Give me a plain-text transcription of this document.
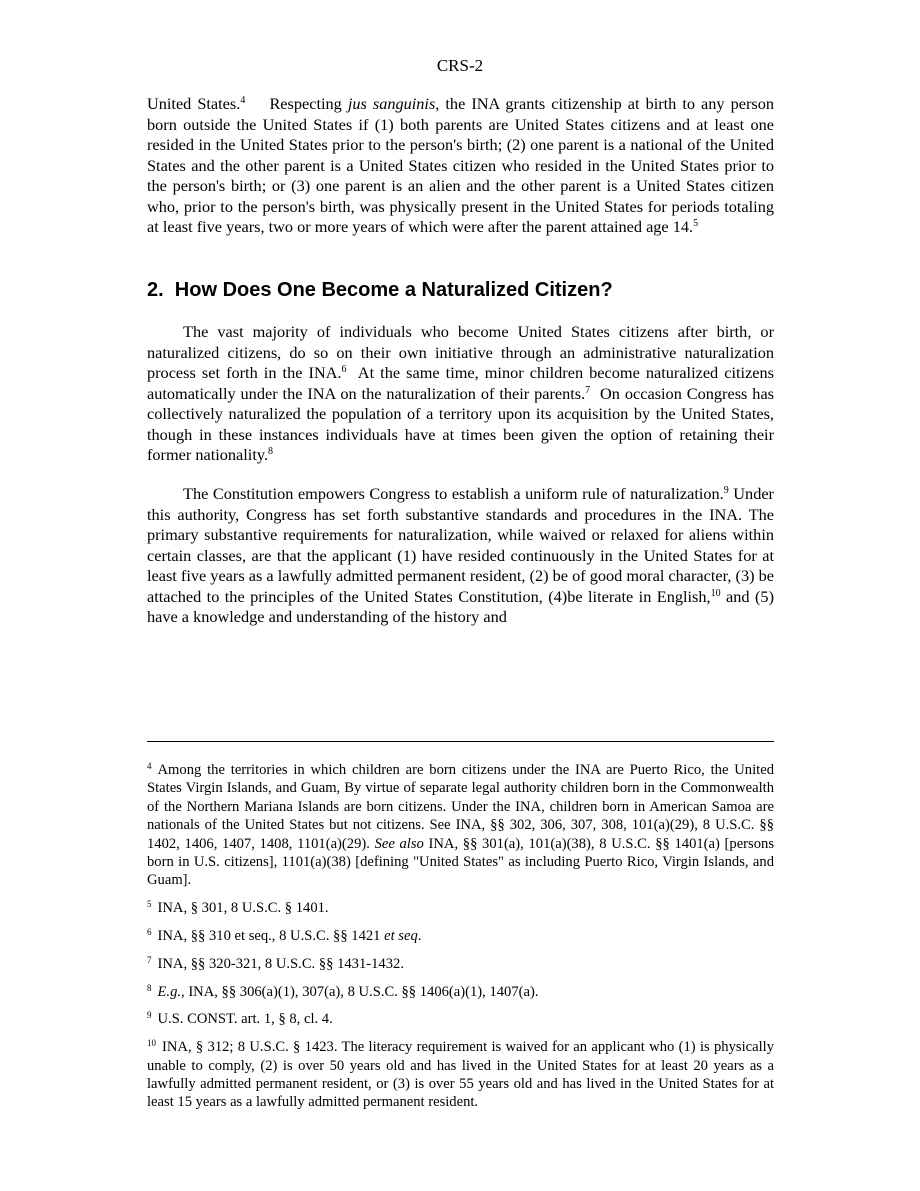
CRS-2

United States.$^4$    Respecting jus sanguinis, the INA grants citizenship at birth to any person born outside the United States if (1) both parents are United States citizens and at least one resided in the United States prior to the person's birth; (2) one parent is a national of the United States and the other parent is a United States citizen who resided in the United States prior to the person's birth; or (3) one parent is an alien and the other parent is a United States citizen who, prior to the person's birth, was physically present in the United States for periods totaling at least five years, two or more years of which were after the parent attained age 14.$^5$

2.  How Does One Become a Naturalized Citizen?

The vast majority of individuals who become United States citizens after birth, or naturalized citizens, do so on their own initiative through an administrative naturalization process set forth in the INA.$^6$  At the same time, minor children become naturalized citizens automatically under the INA on the naturalization of their parents.$^7$  On occasion Congress has collectively naturalized the population of a territory upon its acquisition by the United States, though in these instances individuals have at times been given the option of retaining their former nationality.$^8$

The Constitution empowers Congress to establish a uniform rule of naturalization.$^9$ Under this authority, Congress has set forth substantive standards and procedures in the INA. The primary substantive requirements for naturalization, while waived or relaxed for aliens within certain classes, are that the applicant (1) have resided continuously in the United States for at least five years as a lawfully admitted permanent resident, (2) be of good moral character, (3) be attached to the principles of the United States Constitution, (4)be literate in English,$^{10}$ and (5) have a knowledge and understanding of the history and

$^4$ Among the territories in which children are born citizens under the INA are Puerto Rico, the United States Virgin Islands, and Guam, By virtue of separate legal authority children born in the Commonwealth of the Northern Mariana Islands are born citizens. Under the INA, children born in American Samoa are nationals of the United States but not citizens. See INA, §§ 302, 306, 307, 308, 101(a)(29), 8 U.S.C. §§ 1402, 1406, 1407, 1408, 1101(a)(29). See also INA, §§ 301(a), 101(a)(38), 8 U.S.C. §§ 1401(a) [persons born in U.S. citizens], 1101(a)(38) [defining "United States" as including Puerto Rico, Virgin Islands, and Guam].

$^5$ INA, § 301, 8 U.S.C. § 1401.

$^6$ INA, §§ 310 et seq., 8 U.S.C. §§ 1421 et seq.

$^7$ INA, §§ 320-321, 8 U.S.C. §§ 1431-1432.

$^8$ E.g., INA, §§ 306(a)(1), 307(a), 8 U.S.C. §§ 1406(a)(1), 1407(a).

$^9$ U.S. CONST. art. 1, § 8, cl. 4.

$^{10}$ INA, § 312; 8 U.S.C. § 1423. The literacy requirement is waived for an applicant who (1) is physically unable to comply, (2) is over 50 years old and has lived in the United States for at least 20 years as a lawfully admitted permanent resident, or (3) is over 55 years old and has lived in the United States for at least 15 years as a lawfully admitted permanent resident.
